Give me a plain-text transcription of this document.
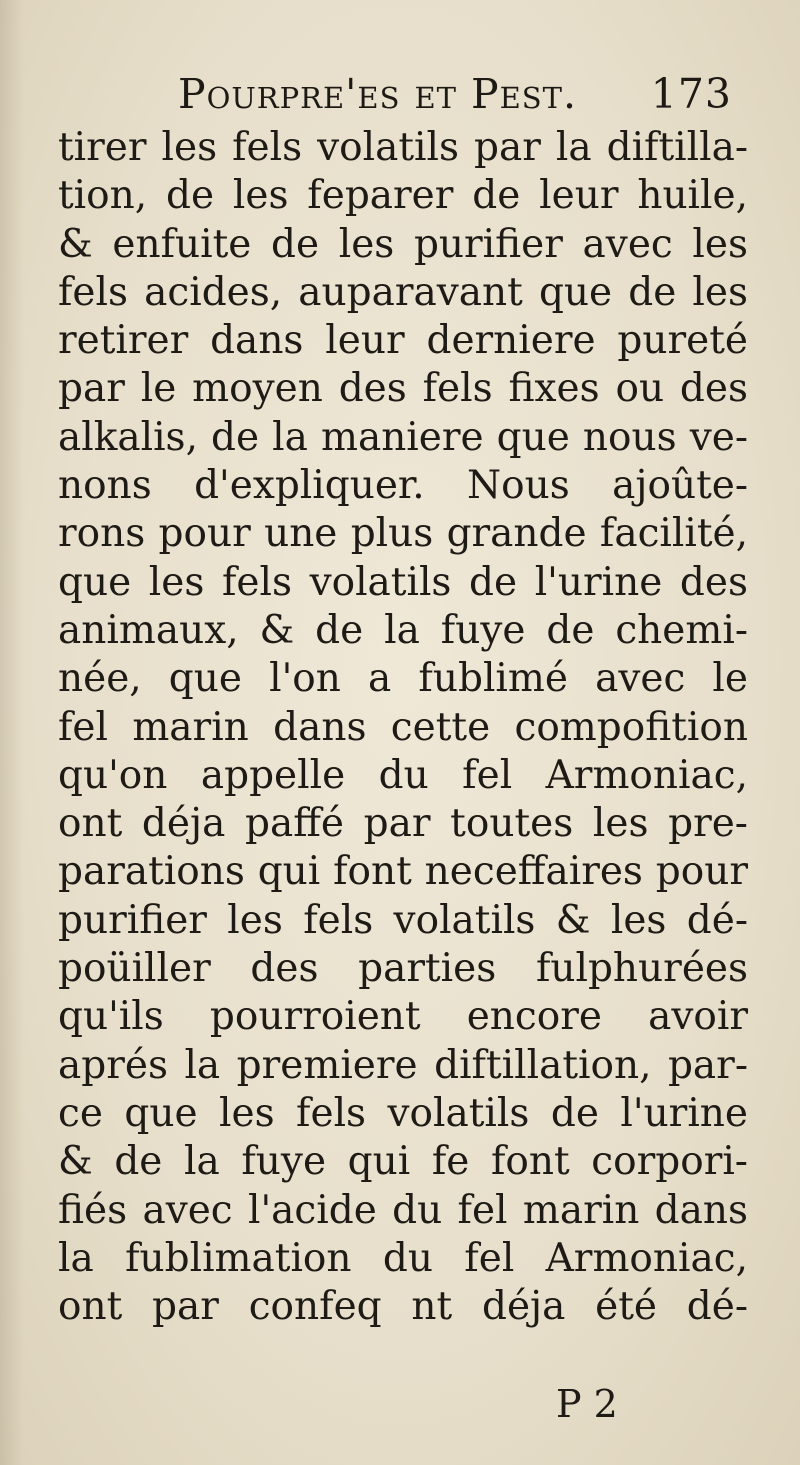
Pourpre'es et Pest. 173
tirer les fels volatils par la diftilla-
tion, de les feparer de leur huile,
& enfuite de les purifier avec les
fels acides, auparavant que de les
retirer dans leur derniere pureté
par le moyen des fels fixes ou des
alkalis, de la maniere que nous ve-
nons d'expliquer. Nous ajoûte-
rons pour une plus grande facilité,
que les fels volatils de l'urine des
animaux, & de la fuye de chemi-
née, que l'on a fublimé avec le
fel marin dans cette compofition
qu'on appelle du fel Armoniac,
ont déja paffé par toutes les pre-
parations qui font neceffaires pour
purifier les fels volatils & les dé-
poüiller des parties fulphurées
qu'ils pourroient encore avoir
aprés la premiere diftillation, par-
ce que les fels volatils de l'urine
& de la fuye qui fe font corpori-
fiés avec l'acide du fel marin dans
la fublimation du fel Armoniac,
ont par confeq nt déja été dé-
P 2
